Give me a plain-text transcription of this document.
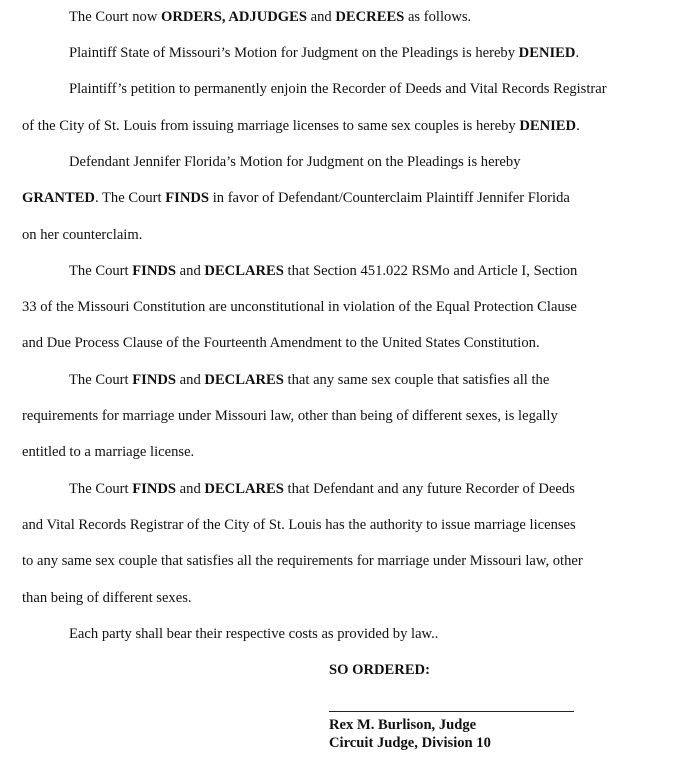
The Court now ORDERS, ADJUDGES and DECREES as follows.

Plaintiff State of Missouri’s Motion for Judgment on the Pleadings is hereby DENIED.

Plaintiff’s petition to permanently enjoin the Recorder of Deeds and Vital Records Registrar

of the City of St. Louis from issuing marriage licenses to same sex couples is hereby DENIED.

Defendant Jennifer Florida’s Motion for Judgment on the Pleadings is hereby

GRANTED. The Court FINDS in favor of Defendant/Counterclaim Plaintiff Jennifer Florida

on her counterclaim.

The Court FINDS and DECLARES that Section 451.022 RSMo and Article I, Section

33 of the Missouri Constitution are unconstitutional in violation of the Equal Protection Clause

and Due Process Clause of the Fourteenth Amendment to the United States Constitution.

The Court FINDS and DECLARES that any same sex couple that satisfies all the

requirements for marriage under Missouri law, other than being of different sexes, is legally

entitled to a marriage license.

The Court FINDS and DECLARES that Defendant and any future Recorder of Deeds

and Vital Records Registrar of the City of St. Louis has the authority to issue marriage licenses

to any same sex couple that satisfies all the requirements for marriage under Missouri law, other

than being of different sexes.

Each party shall bear their respective costs as provided by law..

SO ORDERED:

Rex M. Burlison, Judge

Circuit Judge, Division 10
